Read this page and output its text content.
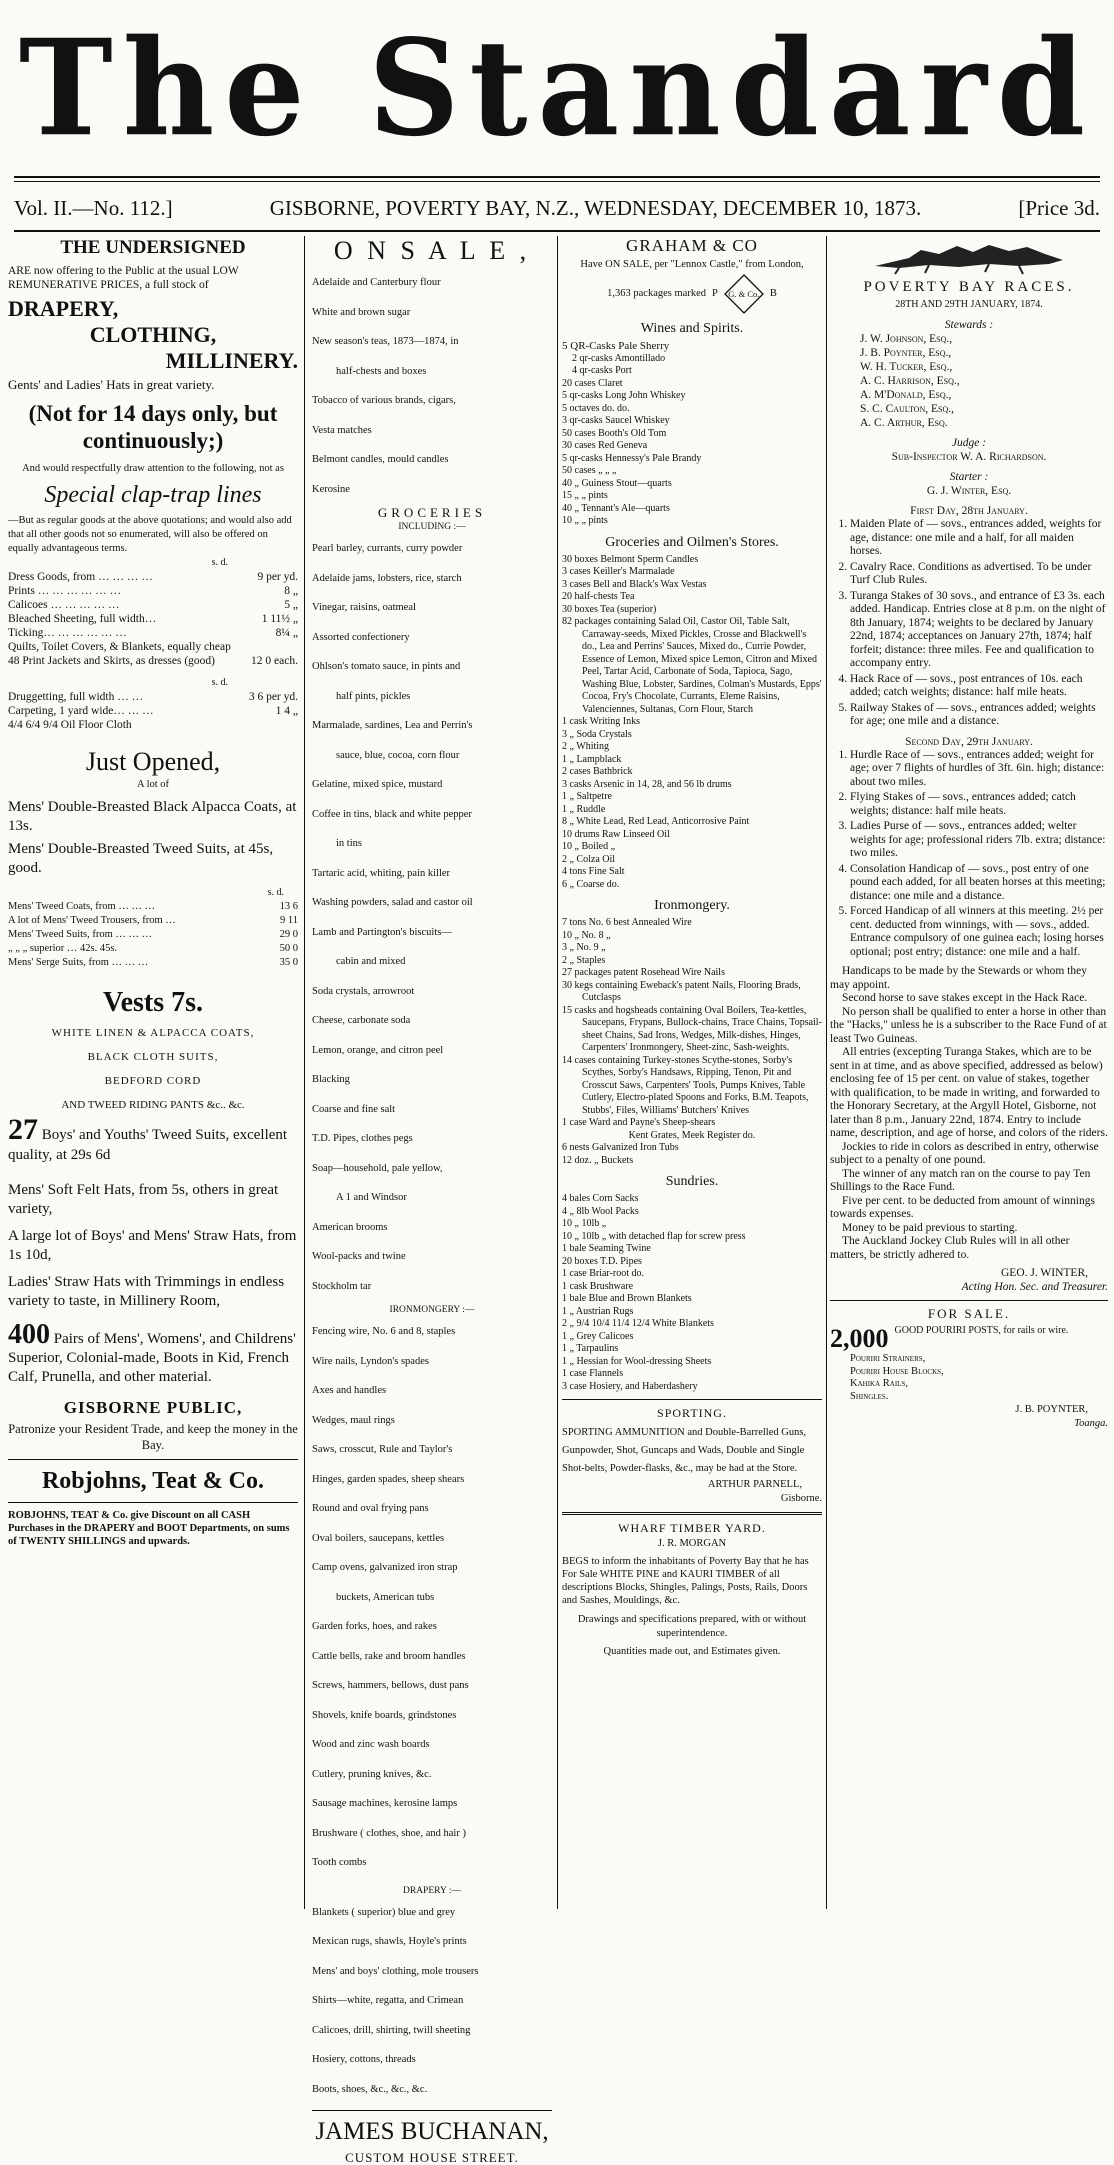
The Standard
Vol. II.—No. 112.]	GISBORNE, POVERTY BAY, N.Z., WEDNESDAY, DECEMBER 10, 1873.	[Price 3d.

THE UNDERSIGNED

ARE now offering to the Public at the usual LOW REMUNERATIVE PRICES, a full stock of

DRAPERY,

CLOTHING,

MILLINERY.

Gents' and Ladies' Hats in great variety.

(Not for 14 days only, but continuously;)

And would respectfully draw attention to the following, not as

Special clap-trap lines

—But as regular goods at the above quotations; and would also add that all other goods not so enumerated, will also be offered on equally advantageous terms.

s. d.

Dress Goods, from … … … …	9 per yd.
Prints … … … … … …	8 „
Calicoes … … … … …	5 „
Bleached Sheeting, full width…	1 11½ „
Ticking… … … … … …	8¼ „
Quilts, Toilet Covers, & Blankets, equally cheap
48 Print Jackets and Skirts, as dresses (good)	12 0 each.

s. d.

Druggetting, full width … …	3 6 per yd.
Carpeting, 1 yard wide… … …	1 4 „
4/4 6/4 9/4 Oil Floor Cloth

Just Opened,

A lot of

Mens' Double-Breasted Black Alpacca Coats, at 13s.

Mens' Double-Breasted Tweed Suits, at 45s, good.

s. d.

Mens' Tweed Coats, from … … …	13 6
A lot of Mens' Tweed Trousers, from …	9 11
Mens' Tweed Suits, from … … …	29 0
„ „ „ superior … 42s. 45s.	50 0
Mens' Serge Suits, from … … …	35 0

Vests 7s.

WHITE LINEN & ALPACCA COATS,

BLACK CLOTH SUITS,

BEDFORD CORD

AND TWEED RIDING PANTS &c.. &c.

27 Boys' and Youths' Tweed Suits, excellent quality, at 29s 6d

Mens' Soft Felt Hats, from 5s, others in great variety,

A large lot of Boys' and Mens' Straw Hats, from 1s 10d,

Ladies' Straw Hats with Trimmings in endless variety to taste, in Millinery Room,

400 Pairs of Mens', Womens', and Childrens' Superior, Colonial-made, Boots in Kid, French Calf, Prunella, and other material.

GISBORNE PUBLIC,

Patronize your Resident Trade, and keep the money in the Bay.

Robjohns, Teat & Co.

ROBJOHNS, TEAT & Co. give Discount on all CASH Purchases in the DRAPERY and BOOT Departments, on sums of TWENTY SHILLINGS and upwards.

O N S A L E ,

Adelaide and Canterbury flour

White and brown sugar

New season's teas, 1873—1874, in

half-chests and boxes

Tobacco of various brands, cigars,

Vesta matches

Belmont candles, mould candles

Kerosine

GROCERIES

INCLUDING :—

Pearl barley, currants, curry powder

Adelaide jams, lobsters, rice, starch

Vinegar, raisins, oatmeal

Assorted confectionery

Ohlson's tomato sauce, in pints and

half pints, pickles

Marmalade, sardines, Lea and Perrin's

sauce, blue, cocoa, corn flour

Gelatine, mixed spice, mustard

Coffee in tins, black and white pepper

in tins

Tartaric acid, whiting, pain killer

Washing powders, salad and castor oil

Lamb and Partington's biscuits—

cabin and mixed

Soda crystals, arrowroot

Cheese, carbonate soda

Lemon, orange, and citron peel

Blacking

Coarse and fine salt

T.D. Pipes, clothes pegs

Soap—household, pale yellow,

A 1 and Windsor

American brooms

Wool-packs and twine

Stockholm tar

IRONMONGERY :—

Fencing wire, No. 6 and 8, staples

Wire nails, Lyndon's spades

Axes and handles

Wedges, maul rings

Saws, crosscut, Rule and Taylor's

Hinges, garden spades, sheep shears

Round and oval frying pans

Oval boilers, saucepans, kettles

Camp ovens, galvanized iron strap

buckets, American tubs

Garden forks, hoes, and rakes

Cattle bells, rake and broom handles

Screws, hammers, bellows, dust pans

Shovels, knife boards, grindstones

Wood and zinc wash boards

Cutlery, pruning knives, &c.

Sausage machines, kerosine lamps

Brushware ( clothes, shoe, and hair )

Tooth combs

DRAPERY :—

Blankets ( superior) blue and grey

Mexican rugs, shawls, Hoyle's prints

Mens' and boys' clothing, mole trousers

Shirts—white, regatta, and Crimean

Calicoes, drill, shirting, twill sheeting

Hosiery, cottons, threads

Boots, shoes, &c., &c., &c.

JAMES BUCHANAN,

CUSTOM HOUSE STREET.

GRAHAM & CO

Have ON SALE, per "Lennox Castle," from London,

1,363 packages marked P	G. & Co. B

Wines and Spirits.

5 QR-Casks Pale Sherry

2 qr-casks Amontillado

4 qr-casks Port

20 cases Claret

5 qr-casks Long John Whiskey

5 octaves do. do.

3 qr-casks Saucel Whiskey

50 cases Booth's Old Tom

30 cases Red Geneva

5 qr-casks Hennessy's Pale Brandy

50 cases „ „ „

40 „ Guiness Stout—quarts

15 „ „ pints

40 „ Tennant's Ale—quarts

10 „ „ pints

Groceries and Oilmen's Stores.

30 boxes Belmont Sperm Candles

3 cases Keiller's Marmalade

3 cases Bell and Black's Wax Vestas

20 half-chests Tea

30 boxes Tea (superior)

82 packages containing Salad Oil, Castor Oil, Table Salt, Carraway-seeds, Mixed Pickles, Crosse and Blackwell's do., Lea and Perrins' Sauces, Mixed do., Currie Powder, Essence of Lemon, Mixed spice Lemon, Citron and Mixed Peel, Tartar Acid, Carbonate of Soda, Tapioca, Sago, Washing Blue, Lobster, Sardines, Colman's Mustards, Epps' Cocoa, Fry's Chocolate, Currants, Eleme Raisins, Valenciennes, Sultanas, Corn Flour, Starch

1 cask Writing Inks

3 „ Soda Crystals

2 „ Whiting

1 „ Lampblack

2 cases Bathbrick

3 casks Arsenic in 14, 28, and 56 lb drums

1 „ Saltpetre

1 „ Ruddle

8 „ White Lead, Red Lead, Anticorrosive Paint

10 drums Raw Linseed Oil

10 „ Boiled „

2 „ Colza Oil

4 tons Fine Salt

6 „ Coarse do.

Ironmongery.

7 tons No. 6 best Annealed Wire

10 „ No. 8 „

3 „ No. 9 „

2 „ Staples

27 packages patent Rosehead Wire Nails

30 kegs containing Eweback's patent Nails, Flooring Brads, Cutclasps

15 casks and hogsheads containing Oval Boilers, Tea-kettles, Saucepans, Frypans, Bullock-chains, Trace Chains, Topsail-sheet Chains, Sad Irons, Wedges, Milk-dishes, Hinges, Carpenters' Ironmongery, Sheet-zinc, Sash-weights.

14 cases containing Turkey-stones Scythe-stones, Sorby's Scythes, Sorby's Handsaws, Ripping, Tenon, Pit and Crosscut Saws, Carpenters' Tools, Pumps Knives, Table Cutlery, Electro-plated Spoons and Forks, B.M. Teapots, Stubbs', Files, Williams' Butchers' Knives

1 case Ward and Payne's Sheep-shears

Kent Grates, Meek Register do.

6 nests Galvanized Iron Tubs

12 doz. „ Buckets

Sundries.

4 bales Corn Sacks

4 „ 8lb Wool Packs

10 „ 10lb „

10 „ 10lb „ with detached flap for screw press

1 bale Seaming Twine

20 boxes T.D. Pipes

1 case Briar-root do.

1 cask Brushware

1 bale Blue and Brown Blankets

1 „ Austrian Rugs

2 „ 9/4 10/4 11/4 12/4 White Blankets

1 „ Grey Calicoes

1 „ Tarpaulins

1 „ Hessian for Wool-dressing Sheets

1 case Flannels

3 case Hosiery, and Haberdashery

SPORTING.

SPORTING AMMUNITION and Double-Barrelled Guns, Gunpowder, Shot, Guncaps and Wads, Double and Single Shot-belts, Powder-flasks, &c., may be had at the Store.

ARTHUR PARNELL,

Gisborne.

WHARF TIMBER YARD.

J. R. MORGAN

BEGS to inform the inhabitants of Poverty Bay that he has For Sale WHITE PINE and KAURI TIMBER of all descriptions Blocks, Shingles, Palings, Posts, Rails, Doors and Sashes, Mouldings, &c.

Drawings and specifications prepared, with or without superintendence.

Quantities made out, and Estimates given.

POVERTY BAY RACES.

28TH AND 29TH JANUARY, 1874.

Stewards :

J. W. Johnson, Esq.,

J. B. Poynter, Esq.,

W. H. Tucker, Esq.,

A. C. Harrison, Esq.,

A. M'Donald, Esq.,

S. C. Caulton, Esq.,

A. C. Arthur, Esq.

Judge :

Sub-Inspector W. A. Richardson.

Starter :

G. J. Winter, Esq.

First Day, 28th January.

1. Maiden Plate of — sovs., entrances added, weights for age, distance: one mile and a half, for all maiden horses.
2. Cavalry Race. Conditions as advertised. To be under Turf Club Rules.
3. Turanga Stakes of 30 sovs., and entrance of £3 3s. each added. Handicap. Entries close at 8 p.m. on the night of 8th January, 1874; weights to be declared by January 22nd, 1874; acceptances on January 27th, 1874; half forfeit; distance: three miles. Fee and qualification to accompany entry.
4. Hack Race of — sovs., post entrances of 10s. each added; catch weights; distance: half mile heats.
5. Railway Stakes of — sovs., entrances added; weights for age; one mile and a distance.

Second Day, 29th January.

1. Hurdle Race of — sovs., entrances added; weight for age; over 7 flights of hurdles of 3ft. 6in. high; distance: about two miles.
2. Flying Stakes of — sovs., entrances added; catch weights; distance: half mile heats.
3. Ladies Purse of — sovs., entrances added; welter weights for age; professional riders 7lb. extra; distance: two miles.
4. Consolation Handicap of — sovs., post entry of one pound each added, for all beaten horses at this meeting; distance: one mile and a distance.
5. Forced Handicap of all winners at this meeting. 2½ per cent. deducted from winnings, with — sovs., added. Entrance compulsory of one guinea each; losing horses optional; post entry; distance: one mile and a half.

Handicaps to be made by the Stewards or whom they may appoint.

Second horse to save stakes except in the Hack Race.

No person shall be qualified to enter a horse in other than the "Hacks," unless he is a subscriber to the Race Fund of at least Two Guineas.

All entries (excepting Turanga Stakes, which are to be sent in at time, and as above specified, addressed as below) enclosing fee of 15 per cent. on value of stakes, together with qualification, to be made in writing, and forwarded to the Honorary Secretary, at the Argyll Hotel, Gisborne, not later than 8 p.m., January 22nd, 1874. Entry to include name, description, and age of horse, and colors of the riders.

Jockies to ride in colors as described in entry, otherwise subject to a penalty of one pound.

The winner of any match ran on the course to pay Ten Shillings to the Race Fund.

Five per cent. to be deducted from amount of winnings towards expenses.

Money to be paid previous to starting.

The Auckland Jockey Club Rules will in all other matters, be strictly adhered to.

GEO. J. WINTER,

Acting Hon. Sec. and Treasurer.

FOR SALE.

2,000 GOOD POURIRI POSTS, for rails or wire.

Pouriri Strainers,

Pouriri House Blocks,

Kahika Rails,

Shingles.

J. B. POYNTER,

Toanga.
